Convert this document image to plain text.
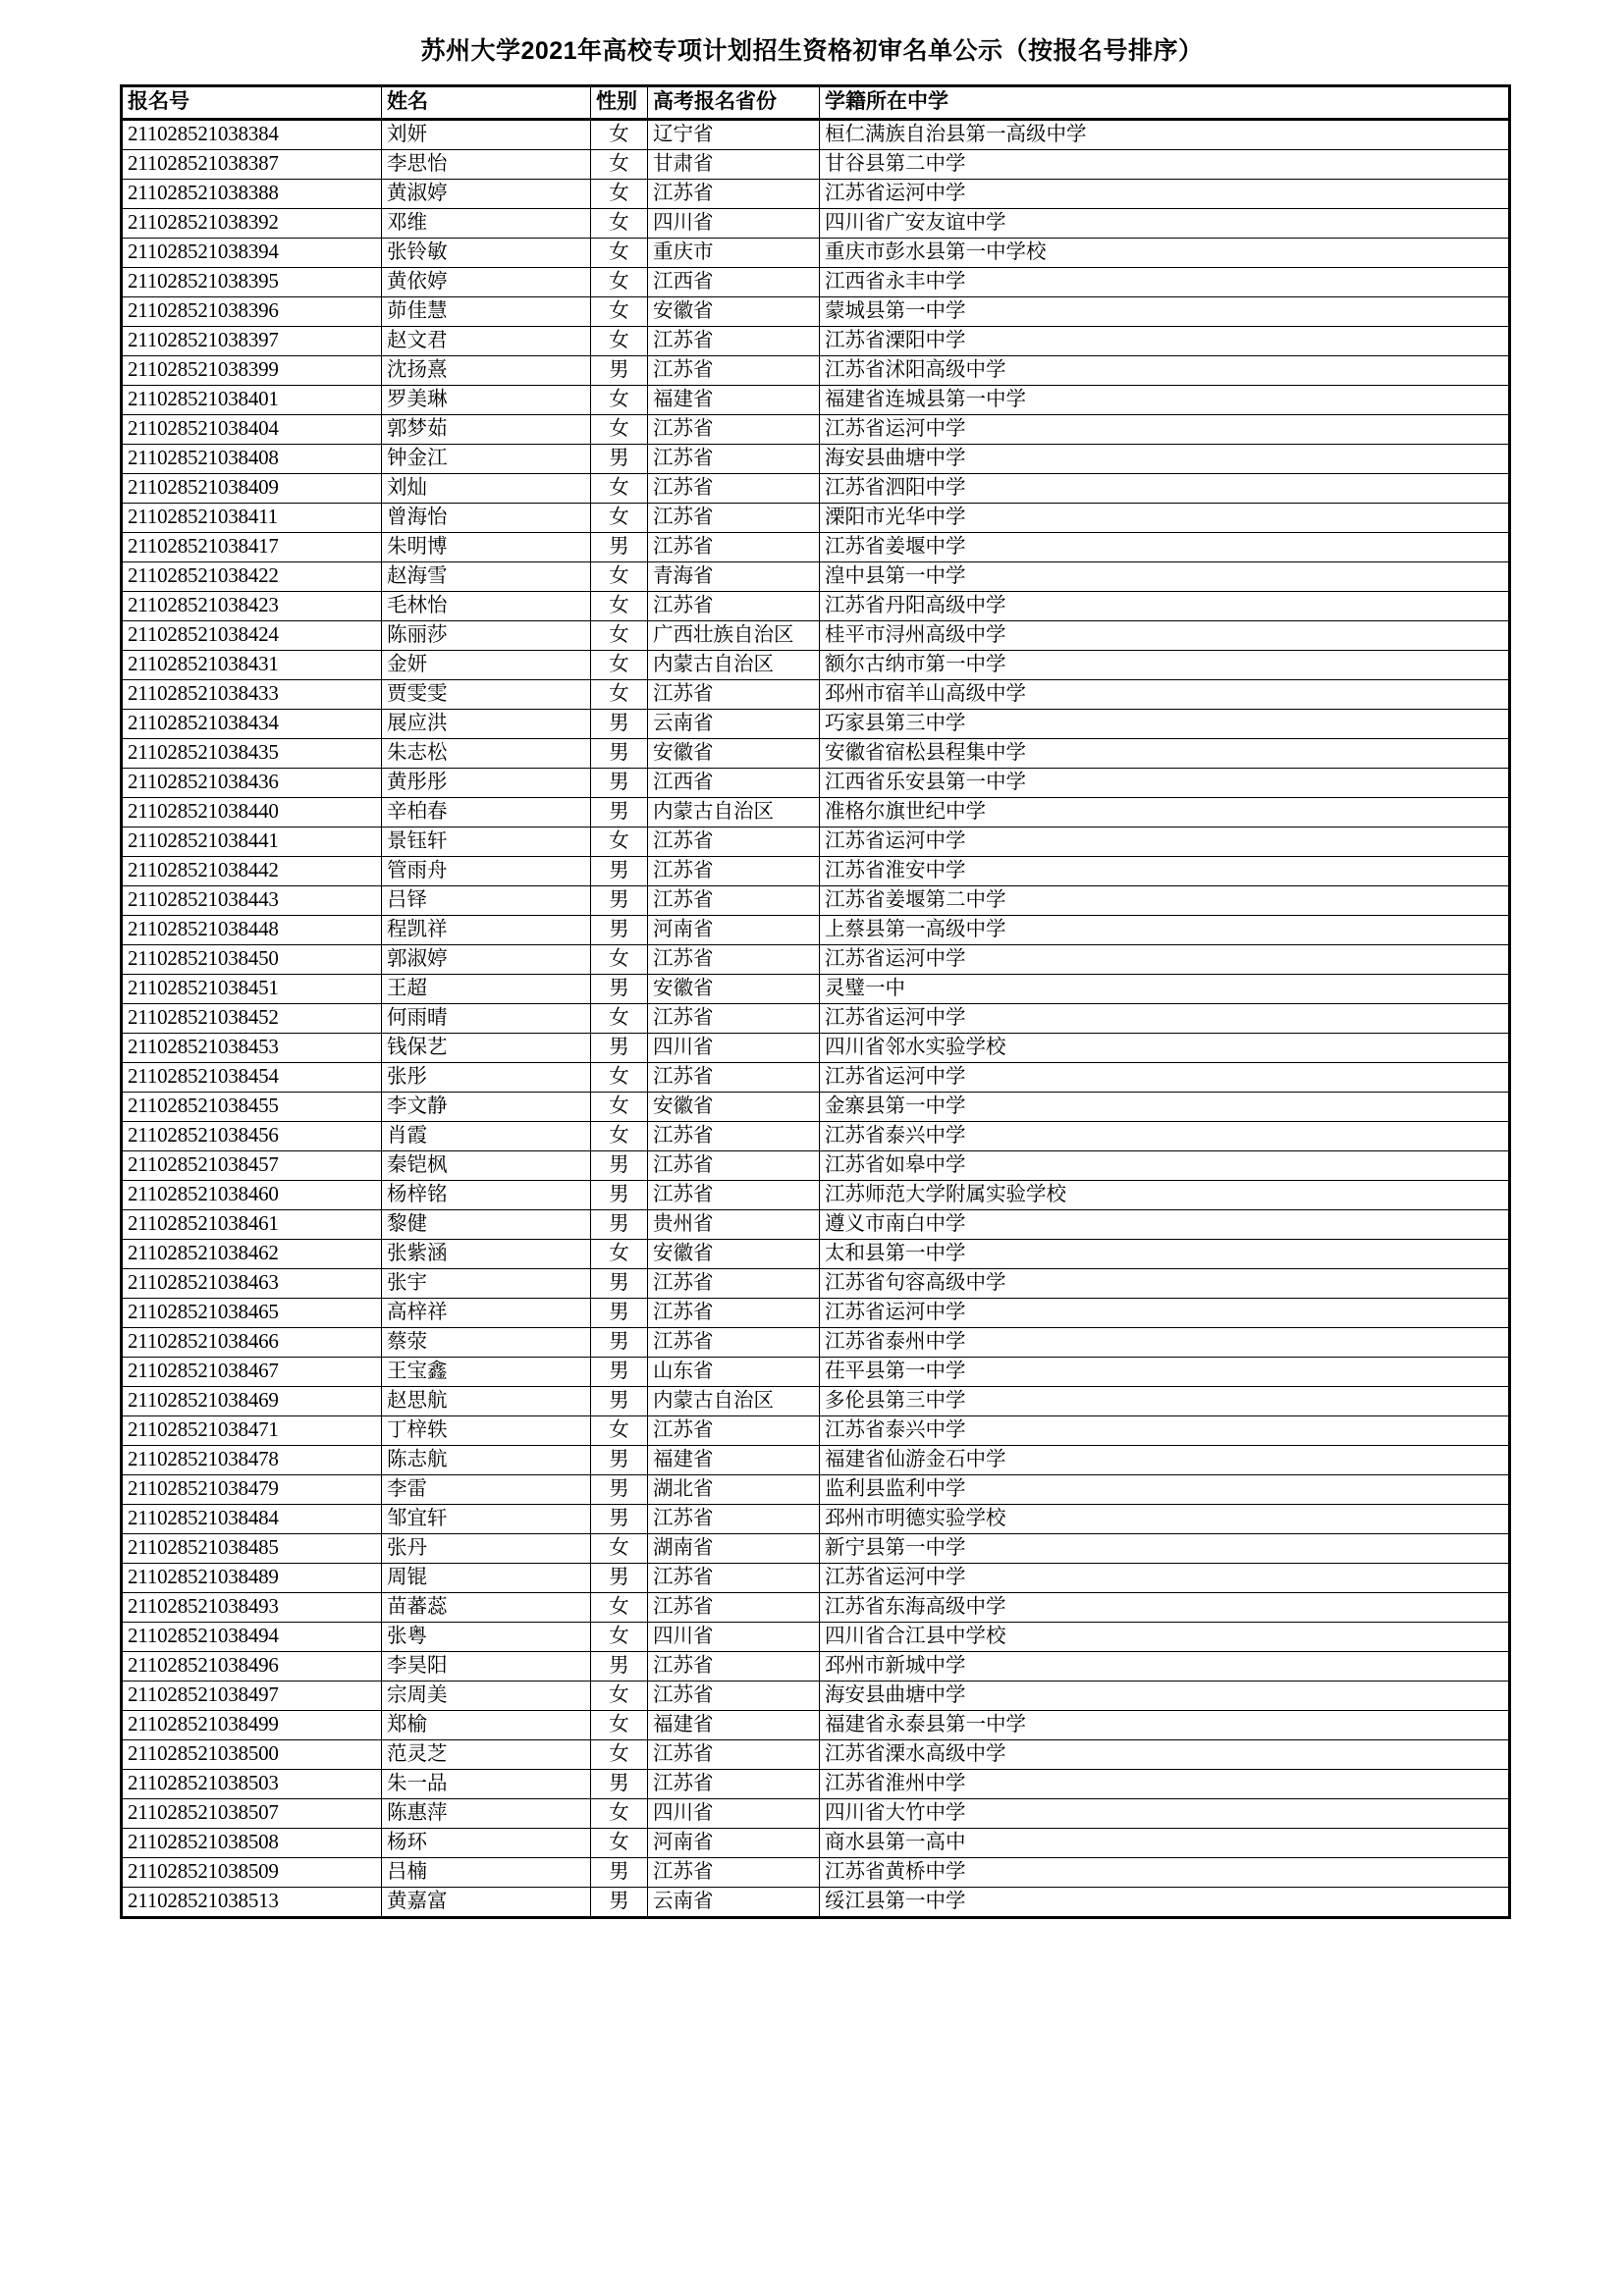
苏州大学2021年高校专项计划招生资格初审名单公示（按报名号排序）
报名号	姓名	性别	高考报名省份	学籍所在中学
211028521038384	刘妍	女	辽宁省	桓仁满族自治县第一高级中学
211028521038387	李思怡	女	甘肃省	甘谷县第二中学
211028521038388	黄淑婷	女	江苏省	江苏省运河中学
211028521038392	邓维	女	四川省	四川省广安友谊中学
211028521038394	张铃敏	女	重庆市	重庆市彭水县第一中学校
211028521038395	黄依婷	女	江西省	江西省永丰中学
211028521038396	茆佳慧	女	安徽省	蒙城县第一中学
211028521038397	赵文君	女	江苏省	江苏省溧阳中学
211028521038399	沈扬熹	男	江苏省	江苏省沭阳高级中学
211028521038401	罗美琳	女	福建省	福建省连城县第一中学
211028521038404	郭梦茹	女	江苏省	江苏省运河中学
211028521038408	钟金江	男	江苏省	海安县曲塘中学
211028521038409	刘灿	女	江苏省	江苏省泗阳中学
211028521038411	曾海怡	女	江苏省	溧阳市光华中学
211028521038417	朱明博	男	江苏省	江苏省姜堰中学
211028521038422	赵海雪	女	青海省	湟中县第一中学
211028521038423	毛林怡	女	江苏省	江苏省丹阳高级中学
211028521038424	陈丽莎	女	广西壮族自治区	桂平市浔州高级中学
211028521038431	金妍	女	内蒙古自治区	额尔古纳市第一中学
211028521038433	贾雯雯	女	江苏省	邳州市宿羊山高级中学
211028521038434	展应洪	男	云南省	巧家县第三中学
211028521038435	朱志松	男	安徽省	安徽省宿松县程集中学
211028521038436	黄彤彤	男	江西省	江西省乐安县第一中学
211028521038440	辛柏春	男	内蒙古自治区	准格尔旗世纪中学
211028521038441	景钰轩	女	江苏省	江苏省运河中学
211028521038442	管雨舟	男	江苏省	江苏省淮安中学
211028521038443	吕铎	男	江苏省	江苏省姜堰第二中学
211028521038448	程凯祥	男	河南省	上蔡县第一高级中学
211028521038450	郭淑婷	女	江苏省	江苏省运河中学
211028521038451	王超	男	安徽省	灵璧一中
211028521038452	何雨晴	女	江苏省	江苏省运河中学
211028521038453	钱保艺	男	四川省	四川省邻水实验学校
211028521038454	张彤	女	江苏省	江苏省运河中学
211028521038455	李文静	女	安徽省	金寨县第一中学
211028521038456	肖霞	女	江苏省	江苏省泰兴中学
211028521038457	秦铠枫	男	江苏省	江苏省如皋中学
211028521038460	杨梓铭	男	江苏省	江苏师范大学附属实验学校
211028521038461	黎健	男	贵州省	遵义市南白中学
211028521038462	张紫涵	女	安徽省	太和县第一中学
211028521038463	张宇	男	江苏省	江苏省句容高级中学
211028521038465	高梓祥	男	江苏省	江苏省运河中学
211028521038466	蔡荥	男	江苏省	江苏省泰州中学
211028521038467	王宝鑫	男	山东省	茌平县第一中学
211028521038469	赵思航	男	内蒙古自治区	多伦县第三中学
211028521038471	丁梓轶	女	江苏省	江苏省泰兴中学
211028521038478	陈志航	男	福建省	福建省仙游金石中学
211028521038479	李雷	男	湖北省	监利县监利中学
211028521038484	邹宜轩	男	江苏省	邳州市明德实验学校
211028521038485	张丹	女	湖南省	新宁县第一中学
211028521038489	周锟	男	江苏省	江苏省运河中学
211028521038493	苗蕃蕊	女	江苏省	江苏省东海高级中学
211028521038494	张粤	女	四川省	四川省合江县中学校
211028521038496	李昊阳	男	江苏省	邳州市新城中学
211028521038497	宗周美	女	江苏省	海安县曲塘中学
211028521038499	郑榆	女	福建省	福建省永泰县第一中学
211028521038500	范灵芝	女	江苏省	江苏省溧水高级中学
211028521038503	朱一品	男	江苏省	江苏省淮州中学
211028521038507	陈惠萍	女	四川省	四川省大竹中学
211028521038508	杨环	女	河南省	商水县第一高中
211028521038509	吕楠	男	江苏省	江苏省黄桥中学
211028521038513	黄嘉富	男	云南省	绥江县第一中学
